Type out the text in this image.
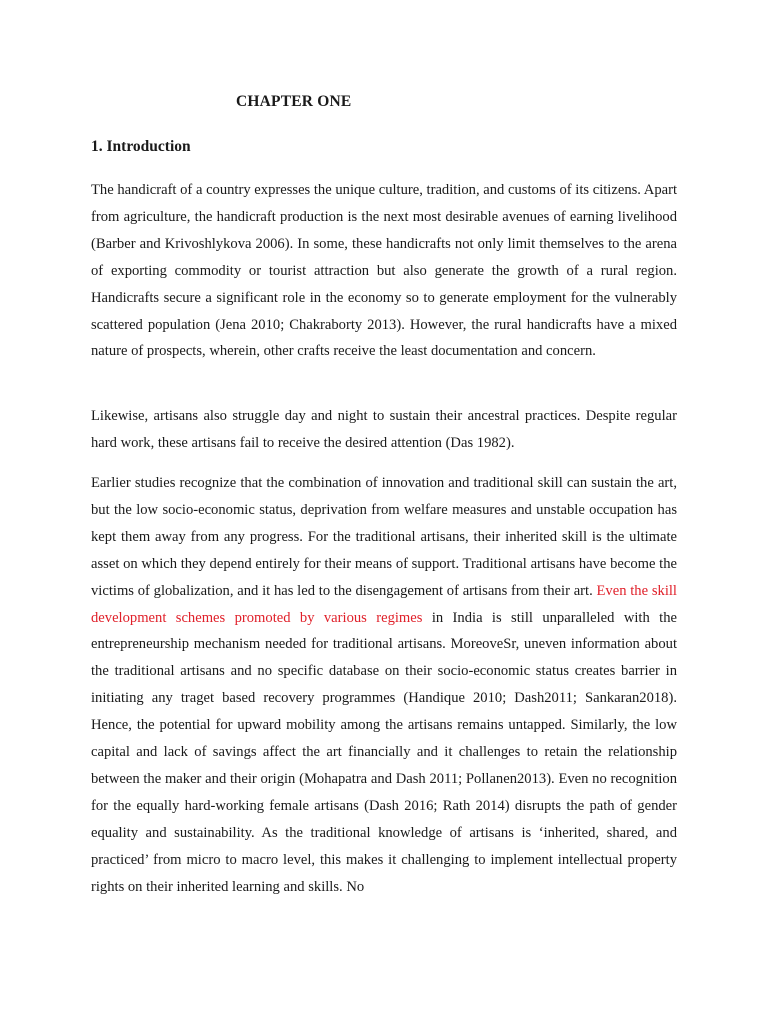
CHAPTER ONE
1. Introduction

The handicraft of a country expresses the unique culture, tradition, and customs of its citizens. Apart from agriculture, the handicraft production is the next most desirable avenues of earning livelihood (Barber and Krivoshlykova 2006). In some, these handicrafts not only limit themselves to the arena of exporting commodity or tourist attraction but also generate the growth of a rural region. Handicrafts secure a significant role in the economy so to generate employment for the vulnerably scattered population (Jena 2010; Chakraborty 2013). However, the rural handicrafts have a mixed nature of prospects, wherein, other crafts receive the least documentation and concern.

Likewise, artisans also struggle day and night to sustain their ancestral practices. Despite regular hard work, these artisans fail to receive the desired attention (Das 1982).

Earlier studies recognize that the combination of innovation and traditional skill can sustain the art, but the low socio-economic status, deprivation from welfare measures and unstable occupation has kept them away from any progress. For the traditional artisans, their inherited skill is the ultimate asset on which they depend entirely for their means of support. Traditional artisans have become the victims of globalization, and it has led to the disengagement of artisans from their art. Even the skill development schemes promoted by various regimes in India is still unparalleled with the entrepreneurship mechanism needed for traditional artisans. MoreoveSr, uneven information about the traditional artisans and no specific database on their socio-economic status creates barrier in initiating any traget based recovery programmes (Handique 2010; Dash2011; Sankaran2018). Hence, the potential for upward mobility among the artisans remains untapped. Similarly, the low capital and lack of savings affect the art financially and it challenges to retain the relationship between the maker and their origin (Mohapatra and Dash 2011; Pollanen2013). Even no recognition for the equally hard-working female artisans (Dash 2016; Rath 2014) disrupts the path of gender equality and sustainability. As the traditional knowledge of artisans is ‘inherited, shared, and practiced’ from micro to macro level, this makes it challenging to implement intellectual property rights on their inherited learning and skills. No
